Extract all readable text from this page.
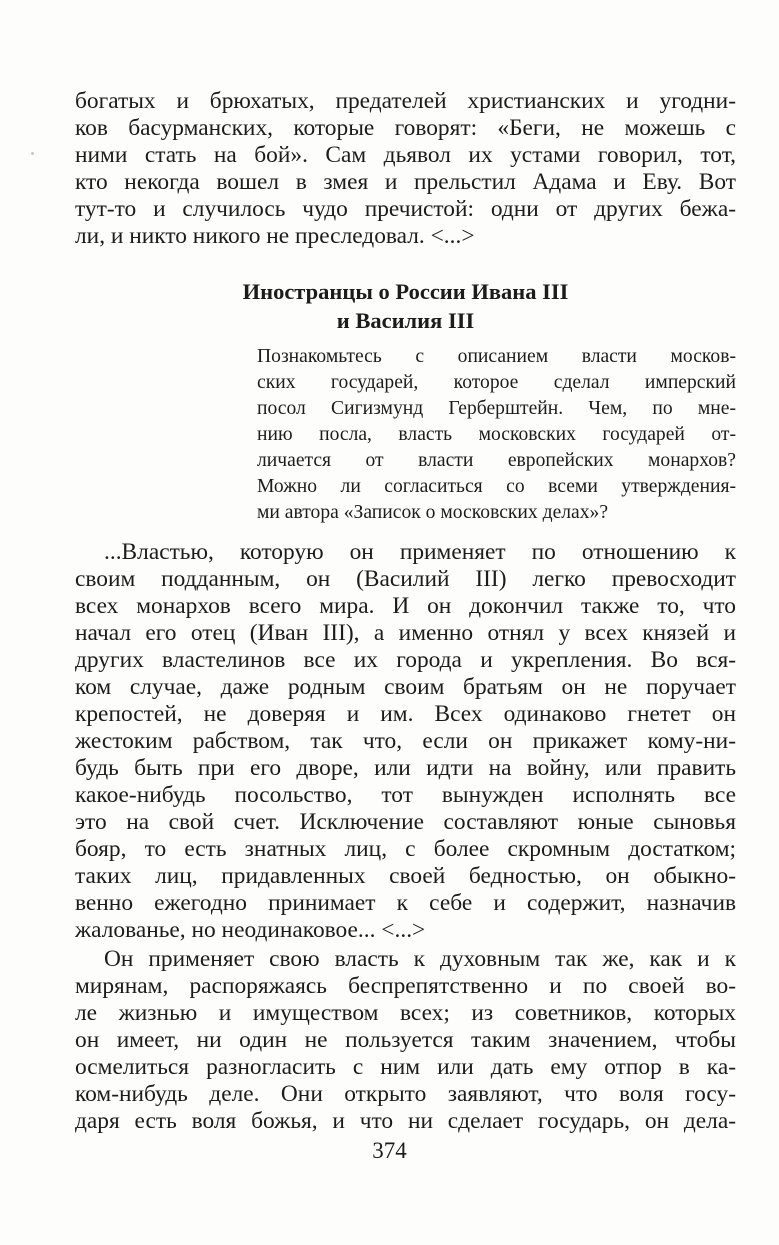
богатых и брюхатых, предателей христианских и угодни-
ков басурманских, которые говорят: «Беги, не можешь с
ними стать на бой». Сам дьявол их устами говорил, тот,
кто некогда вошел в змея и прельстил Адама и Еву. Вот
тут-то и случилось чудо пречистой: одни от других бежа-
ли, и никто никого не преследовал. <...>
Иностранцы о России Ивана III
и Василия III
Познакомьтесь с описанием власти москов-
ских государей, которое сделал имперский
посол Сигизмунд Герберштейн. Чем, по мне-
нию посла, власть московских государей от-
личается от власти европейских монархов?
Можно ли согласиться со всеми утверждения-
ми автора «Записок о московских делах»?
...Властью, которую он применяет по отношению к
своим подданным, он (Василий III) легко превосходит
всех монархов всего мира. И он докончил также то, что
начал его отец (Иван III), а именно отнял у всех князей и
других властелинов все их города и укрепления. Во вся-
ком случае, даже родным своим братьям он не поручает
крепостей, не доверяя и им. Всех одинаково гнетет он
жестоким рабством, так что, если он прикажет кому-ни-
будь быть при его дворе, или идти на войну, или править
какое-нибудь посольство, тот вынужден исполнять все
это на свой счет. Исключение составляют юные сыновья
бояр, то есть знатных лиц, с более скромным достатком;
таких лиц, придавленных своей бедностью, он обыкно-
венно ежегодно принимает к себе и содержит, назначив
жалованье, но неодинаковое... <...>
Он применяет свою власть к духовным так же, как и к
мирянам, распоряжаясь беспрепятственно и по своей во-
ле жизнью и имуществом всех; из советников, которых
он имеет, ни один не пользуется таким значением, чтобы
осмелиться разногласить с ним или дать ему отпор в ка-
ком-нибудь деле. Они открыто заявляют, что воля госу-
даря есть воля божья, и что ни сделает государь, он дела-
374
